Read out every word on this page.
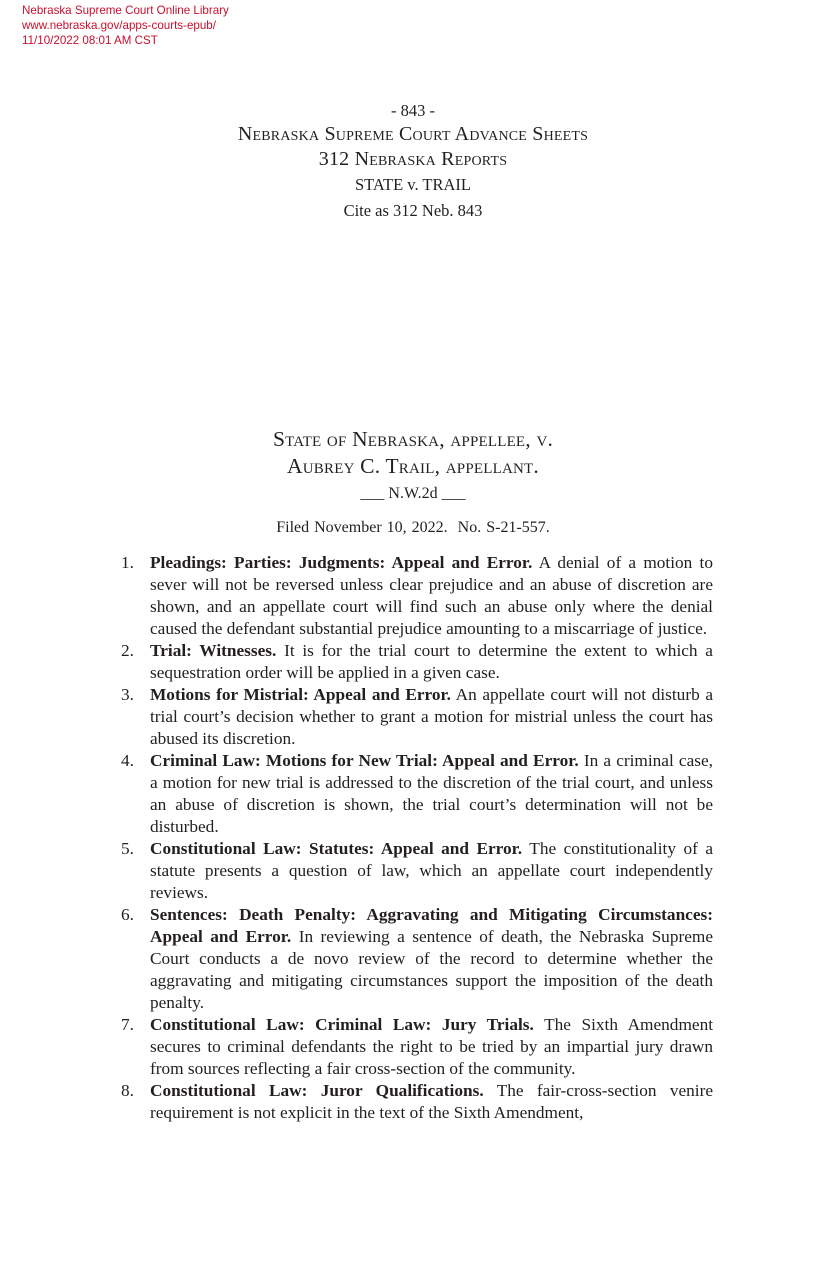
Nebraska Supreme Court Online Library
www.nebraska.gov/apps-courts-epub/
11/10/2022 08:01 AM CST
- 843 -
Nebraska Supreme Court Advance Sheets
312 Nebraska Reports
STATE v. TRAIL
Cite as 312 Neb. 843
State of Nebraska, appellee, v.
Aubrey C. Trail, appellant.
___ N.W.2d ___
Filed November 10, 2022. No. S-21-557.
1. Pleadings: Parties: Judgments: Appeal and Error. A denial of a motion to sever will not be reversed unless clear prejudice and an abuse of discretion are shown, and an appellate court will find such an abuse only where the denial caused the defendant substantial prejudice amounting to a miscarriage of justice.
2. Trial: Witnesses. It is for the trial court to determine the extent to which a sequestration order will be applied in a given case.
3. Motions for Mistrial: Appeal and Error. An appellate court will not disturb a trial court’s decision whether to grant a motion for mistrial unless the court has abused its discretion.
4. Criminal Law: Motions for New Trial: Appeal and Error. In a criminal case, a motion for new trial is addressed to the discretion of the trial court, and unless an abuse of discretion is shown, the trial court’s determination will not be disturbed.
5. Constitutional Law: Statutes: Appeal and Error. The constitutionality of a statute presents a question of law, which an appellate court independently reviews.
6. Sentences: Death Penalty: Aggravating and Mitigating Circumstances: Appeal and Error. In reviewing a sentence of death, the Nebraska Supreme Court conducts a de novo review of the record to determine whether the aggravating and mitigating circumstances support the imposition of the death penalty.
7. Constitutional Law: Criminal Law: Jury Trials. The Sixth Amendment secures to criminal defendants the right to be tried by an impartial jury drawn from sources reflecting a fair cross-section of the community.
8. Constitutional Law: Juror Qualifications. The fair-cross-section venire requirement is not explicit in the text of the Sixth Amendment,
